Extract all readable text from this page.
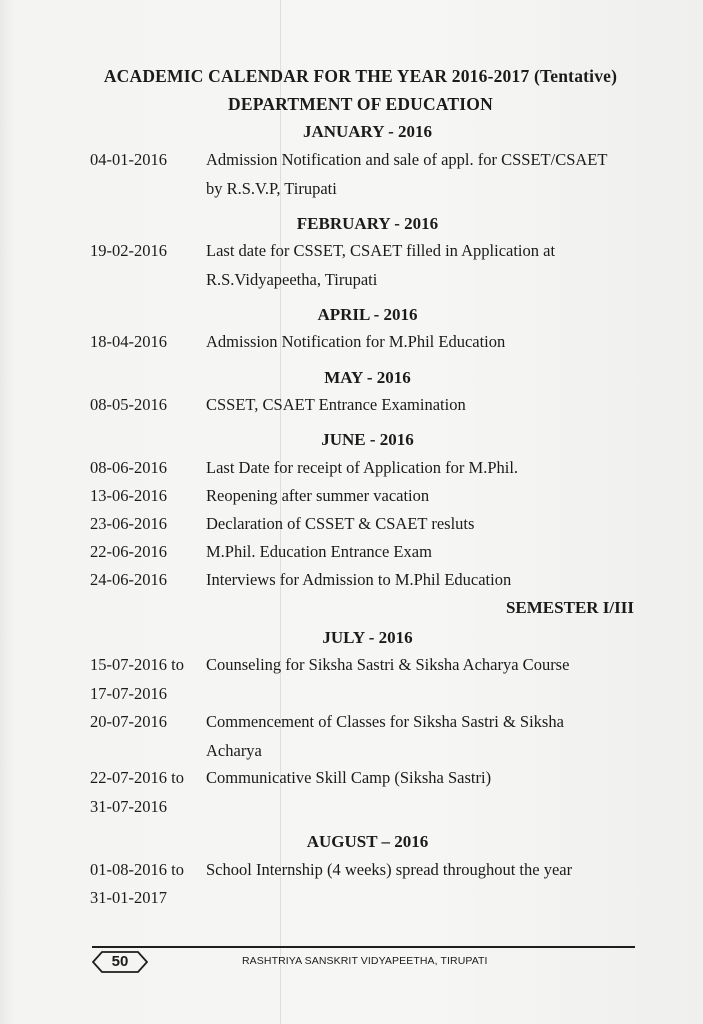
ACADEMIC CALENDAR FOR THE YEAR 2016-2017 (Tentative)
DEPARTMENT OF EDUCATION
JANUARY - 2016
04-01-2016 Admission Notification and sale of appl. for CSSET/CSAET
by R.S.V.P, Tirupati
FEBRUARY - 2016
19-02-2016 Last date for CSSET, CSAET filled in Application at
R.S.Vidyapeetha, Tirupati
APRIL - 2016
18-04-2016 Admission Notification for M.Phil Education
MAY - 2016
08-05-2016 CSSET, CSAET Entrance Examination
JUNE - 2016
08-06-2016 Last Date for receipt of Application for M.Phil.
13-06-2016 Reopening after summer vacation
23-06-2016 Declaration of CSSET & CSAET resluts
22-06-2016 M.Phil. Education Entrance Exam
24-06-2016 Interviews for Admission to M.Phil Education
SEMESTER I/III
JULY - 2016
15-07-2016 to
17-07-2016
Counseling for Siksha Sastri & Siksha Acharya Course
20-07-2016 Commencement of Classes for Siksha Sastri & Siksha
Acharya
22-07-2016 to
31-07-2016
Communicative Skill Camp (Siksha Sastri)
AUGUST – 2016
01-08-2016 to
31-01-2017
School Internship (4 weeks) spread throughout the year
50	RASHTRIYA SANSKRIT VIDYAPEETHA, TIRUPATI
